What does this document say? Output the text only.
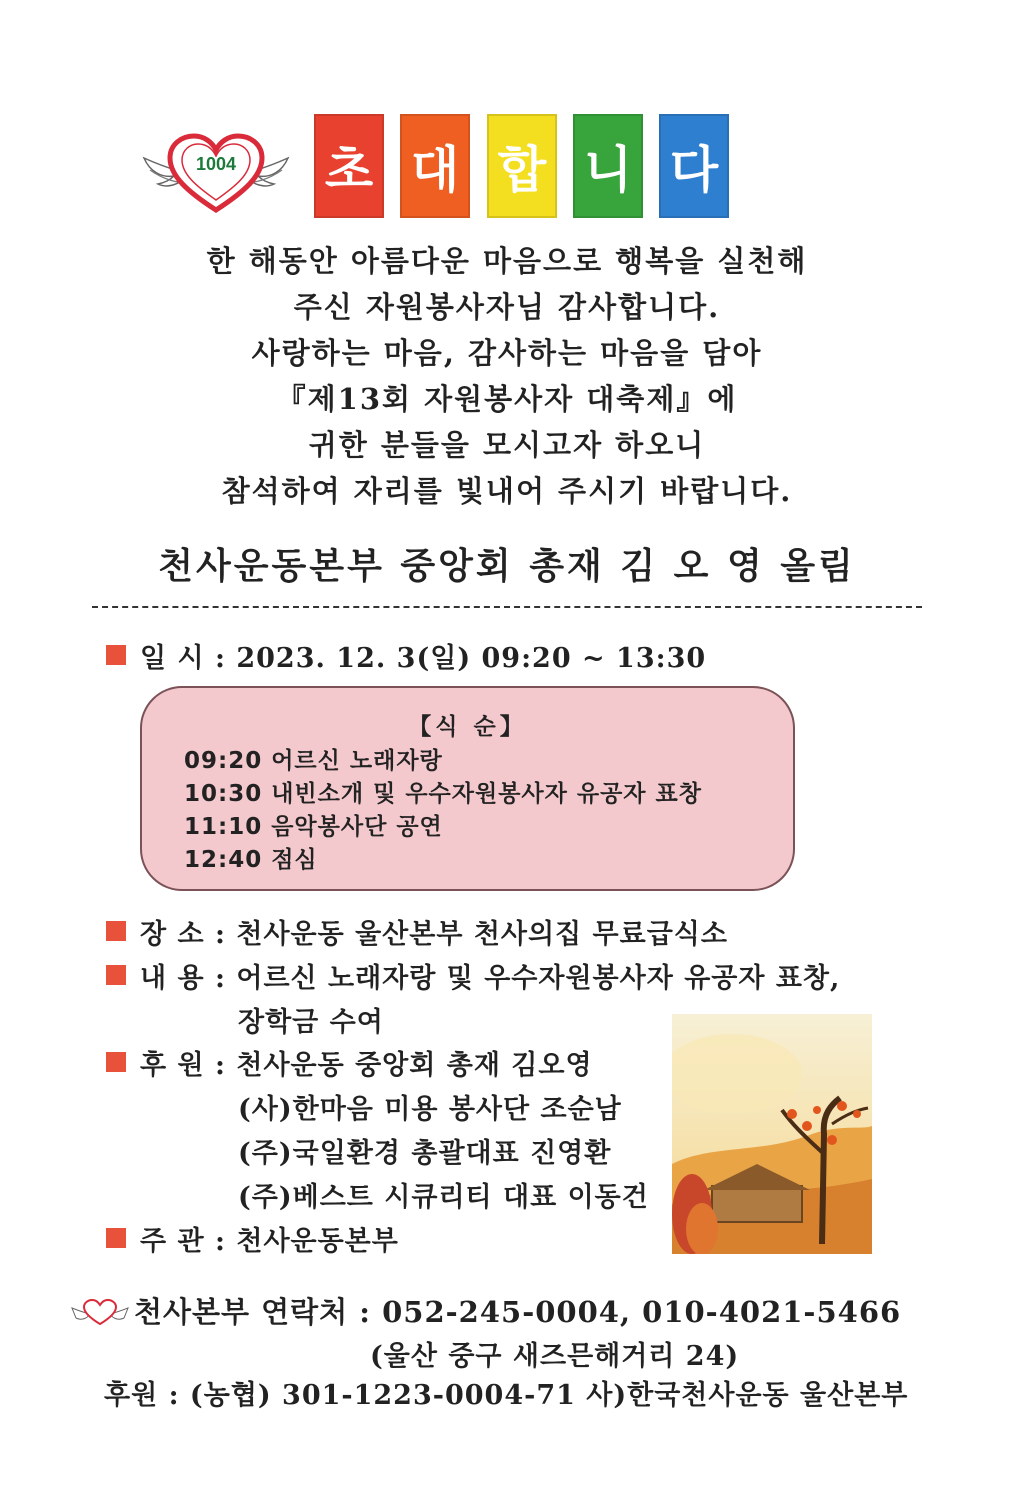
1004 초 대 합 니 다
한 해동안 아름다운 마음으로 행복을 실천해
주신 자원봉사자님 감사합니다.
사랑하는 마음, 감사하는 마음을 담아
『제13회 자원봉사자 대축제』에
귀한 분들을 모시고자 하오니
참석하여 자리를 빛내어 주시기 바랍니다.
천사운동본부 중앙회 총재 김 오 영 올림
일 시 : 2023. 12. 3(일) 09:20 ~ 13:30
【식 순】
09:20 어르신 노래자랑
10:30 내빈소개 및 우수자원봉사자 유공자 표창
11:10 음악봉사단 공연
12:40 점심
장 소 : 천사운동 울산본부 천사의집 무료급식소
내 용 : 어르신 노래자랑 및 우수자원봉사자 유공자 표창,
장학금 수여
후 원 : 천사운동 중앙회 총재 김오영
(사)한마음 미용 봉사단 조순남
(주)국일환경 총괄대표 진영환
(주)베스트 시큐리티 대표 이동건
주 관 : 천사운동본부
천사본부 연락처 : 052-245-0004, 010-4021-5466
(울산 중구 새즈믄해거리 24)
후원 : (농협) 301-1223-0004-71 사)한국천사운동 울산본부
